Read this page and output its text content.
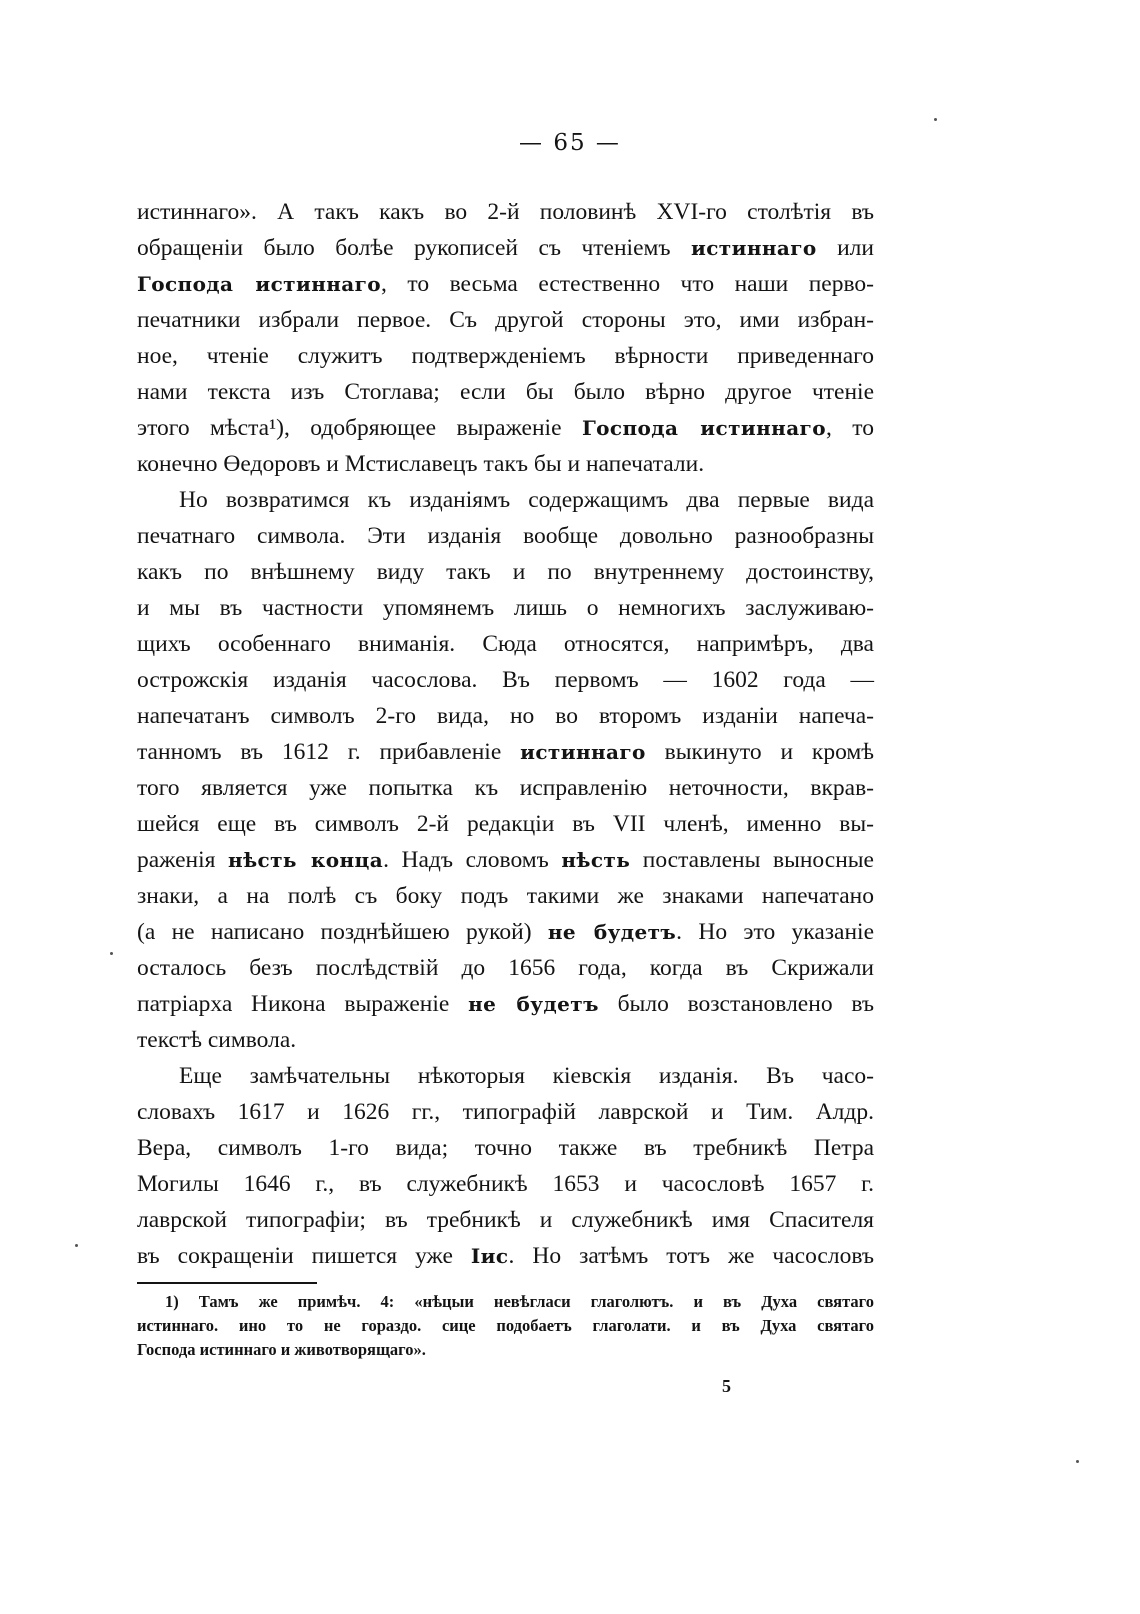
— 65 —
истиннаго». А такъ какъ во 2-й половинѣ XVI-го столѣтія въ
обращеніи было болѣе рукописей съ чтеніемъ истиннаго или
Господа истиннаго, то весьма естественно что наши перво-
печатники избрали первое. Съ другой стороны это, ими избран-
ное, чтеніе служитъ подтвержденіемъ вѣрности приведеннаго
нами текста изъ Стоглава; если бы было вѣрно другое чтеніе
этого мѣста¹), одобряющее выраженіе Господа истиннаго, то
конечно Өедоровъ и Мстиславецъ такъ бы и напечатали.
Но возвратимся къ изданіямъ содержащимъ два первые вида
печатнаго символа. Эти изданія вообще довольно разнообразны
какъ по внѣшнему виду такъ и по внутреннему достоинству,
и мы въ частности упомянемъ лишь о немногихъ заслуживаю-
щихъ особеннаго вниманія. Сюда относятся, напримѣръ, два
острожскія изданія часослова. Въ первомъ — 1602 года —
напечатанъ символъ 2-го вида, но во второмъ изданіи напеча-
танномъ въ 1612 г. прибавленіе истиннаго выкинуто и кромѣ
того является уже попытка къ исправленію неточности, вкрав-
шейся еще въ символъ 2-й редакціи въ VII членѣ, именно вы-
раженія нѣсть конца. Надъ словомъ нѣсть поставлены выносные
знаки, а на полѣ съ боку подъ такими же знаками напечатано
(а не написано позднѣйшею рукой) не будетъ. Но это указаніе
осталось безъ послѣдствій до 1656 года, когда въ Скрижали
патріарха Никона выраженіе не будетъ было возстановлено въ
текстѣ символа.
Еще замѣчательны нѣкоторыя кіевскія изданія. Въ часо-
словахъ 1617 и 1626 гг., типографій лаврской и Тим. Алдр.
Вера, символъ 1-го вида; точно также въ требникѣ Петра
Могилы 1646 г., въ служебникѣ 1653 и часословѣ 1657 г.
лаврской типографіи; въ требникѣ и служебникѣ имя Спасителя
въ сокращеніи пишется уже Іис. Но затѣмъ тотъ же часословъ
1) Тамъ же примѣч. 4: «нѣцыи невѣгласи глаголютъ. и въ Духа святаго
истиннаго. ино то не гораздо. сице подобаетъ глаголати. и въ Духа святаго
Господа истиннаго и животворящаго».
5
